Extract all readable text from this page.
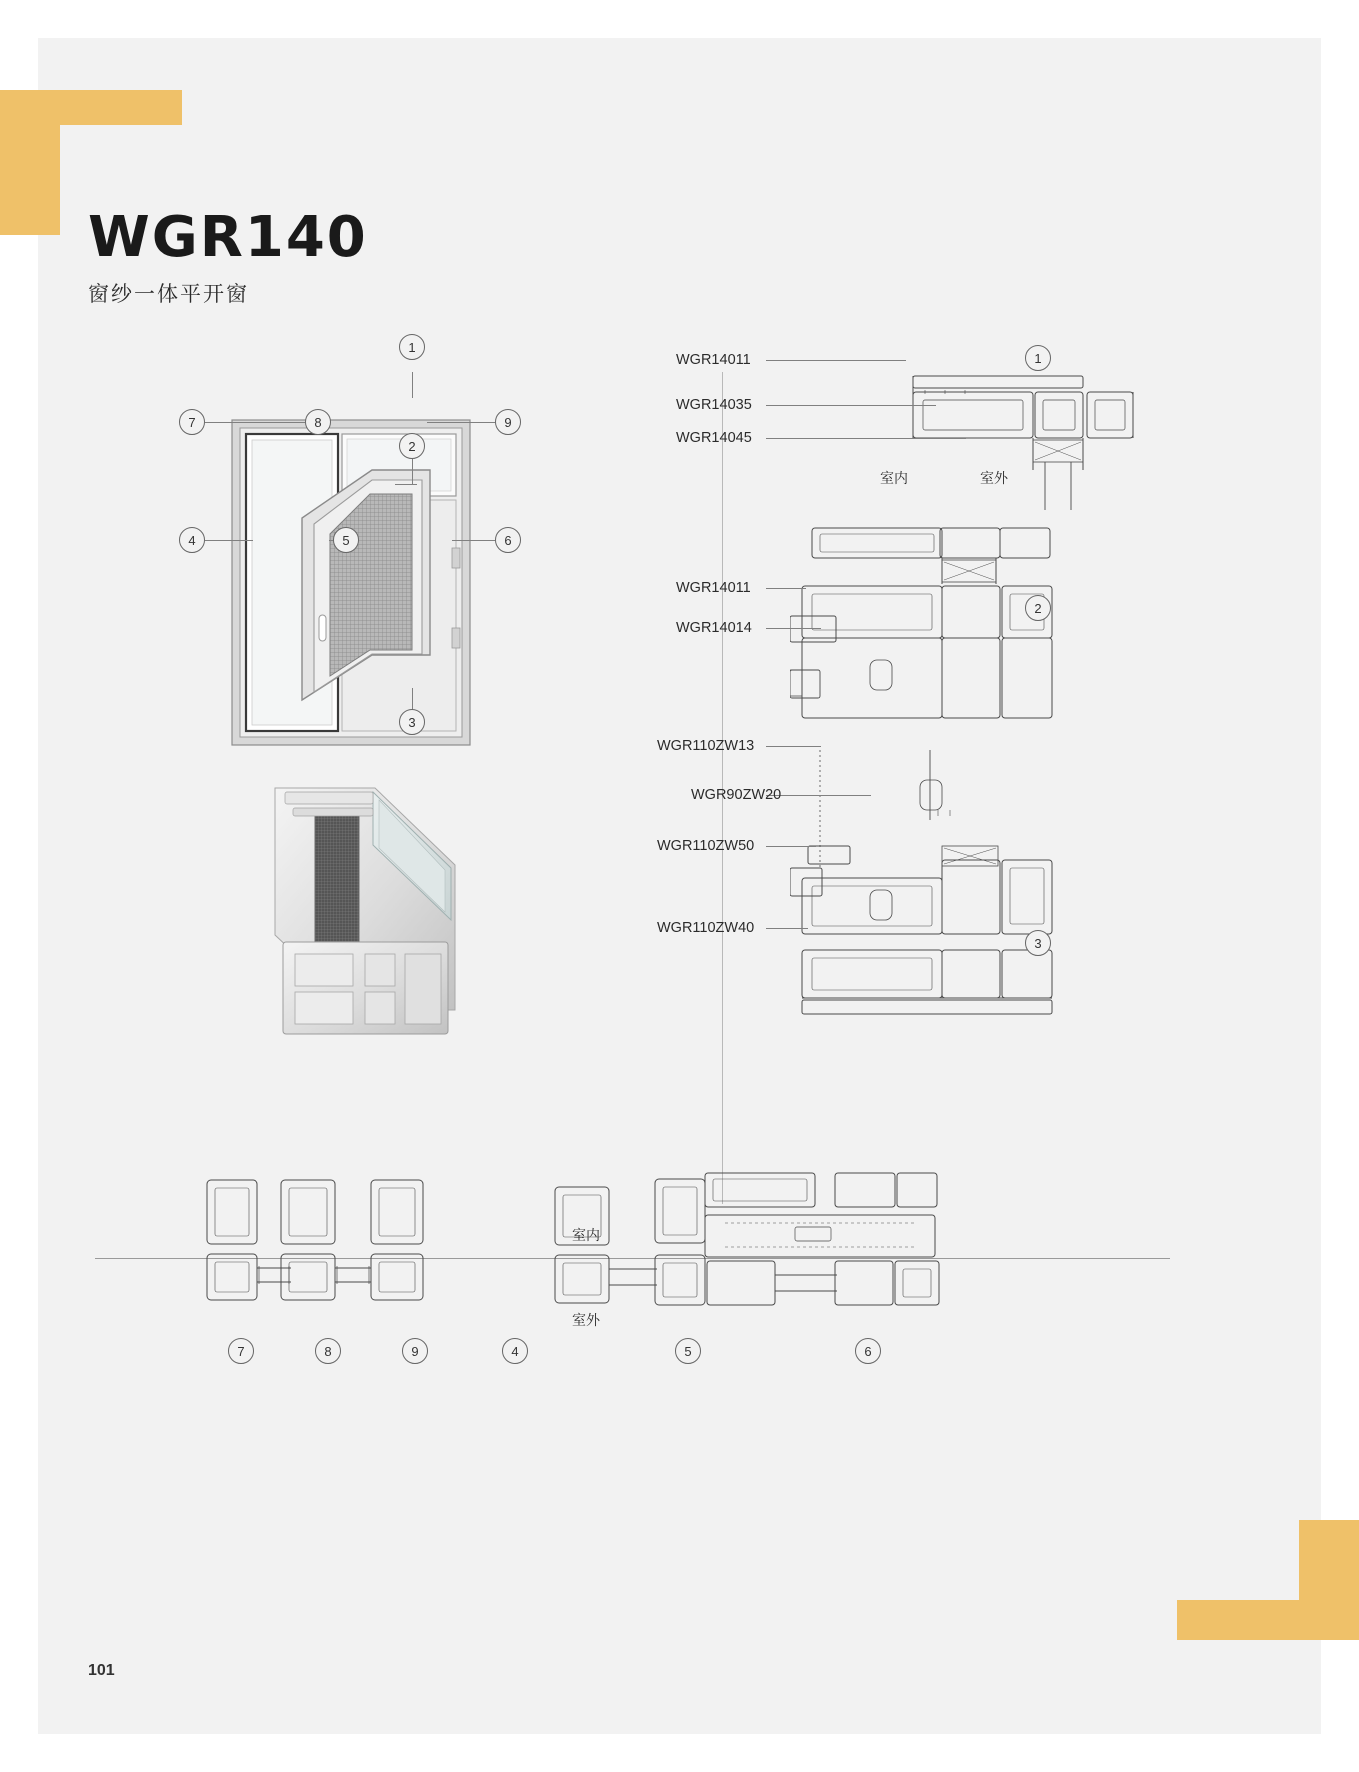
WGR140
窗纱一体平开窗
1
7	8	9
2
4	5	6
3
WGR14011
WGR14035
WGR14045
1
室内	室外
WGR14011
WGR14014
2
WGR110ZW13
WGR90ZW20
WGR110ZW50
WGR110ZW40
3
室内
室外
7	8	9	4	5	6
101
